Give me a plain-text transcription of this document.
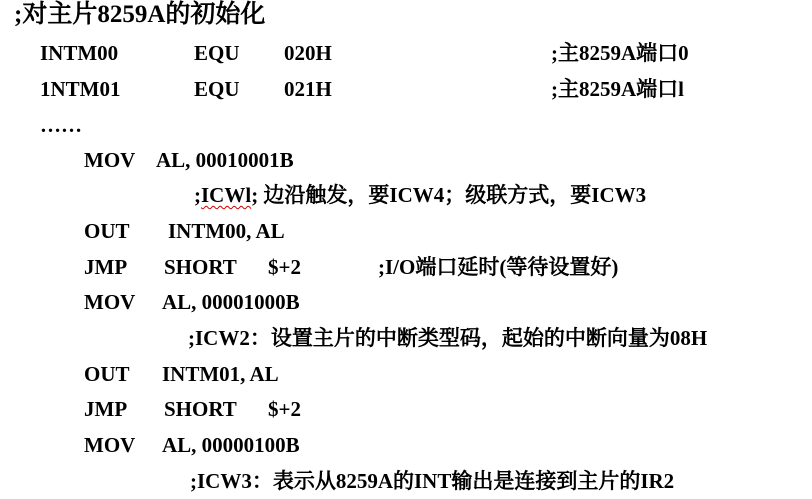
;对主片8259A的初始化
INTM00	EQU 020H	;主8259A端口0
1NTM01	EQU 021H	;主8259A端口l
……
MOV AL, 00010001B
;ICWl; 边沿触发，要ICW4；级联方式，要ICW3
OUT INTM00, AL
JMP SHORT $+2	;I/O端口延时(等待设置好)
MOV AL, 00001000B
;ICW2：设置主片的中断类型码，起始的中断向量为08H
OUT INTM01, AL
JMP SHORT $+2
MOV AL, 00000100B
;ICW3：表示从8259A的INT输出是连接到主片的IR2
